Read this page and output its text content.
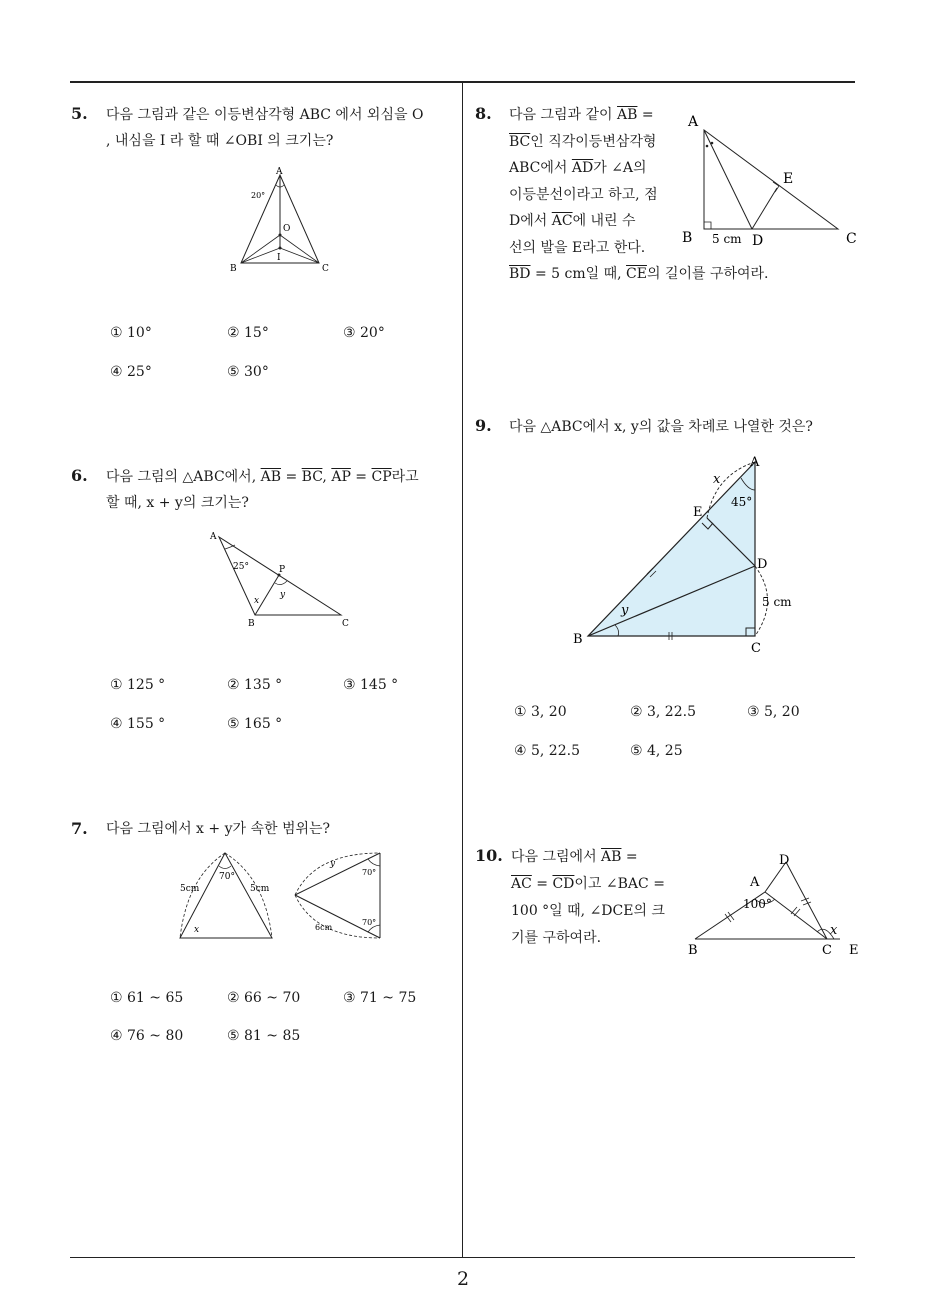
2
5. 다음 그림과 같은 이등변삼각형 ABC 에서 외심을 O
, 내심을 I 라 할 때 ∠OBI 의 크기는?
A
B	C
O
I
20°
① 10°	② 15°	③ 20°
④ 25°	⑤ 30°
6. 다음 그림의 △ABC에서, $\overline{AB} = \overline{BC}$, $\overline{AP} = \overline{CP}$라고
할 때, x + y의 크기는?
A
B	C
P
25°
x
y
① 125 °	② 135 °	③ 145 °
④ 155 °	⑤ 165 °
7. 다음 그림에서 x + y가 속한 범위는?
5cm	5cm
70°
x
y
70°
70°
6cm
① 61 ~ 65	② 66 ~ 70	③ 71 ~ 75
④ 76 ~ 80	⑤ 81 ~ 85
8. 다음 그림과 같이 $\overline{AB}$ =
$\overline{BC}$인 직각이등변삼각형
ABC에서 $\overline{AD}$가 ∠A의
이등분선이라고 하고, 점
D에서 $\overline{AC}$에 내린 수
선의 발을 E라고 한다.
$\overline{BD} = 5$ cm일 때, $\overline{CE}$의 길이를 구하여라.
A
B	C
D
E
5 cm
9. 다음 △ABC에서 x, y의 값을 차례로 나열한 것은?
A
B
C
D
E
x
y
45°
5 cm
① 3, 20	② 3, 22.5	③ 5, 20
④ 5, 22.5	⑤ 4, 25
10. 다음 그림에서 $\overline{AB}$ =
$\overline{AC} = \overline{CD}$이고 ∠BAC =
100 °일 때, ∠DCE의 크
기를 구하여라.
D
A
B	C E
100°
x
